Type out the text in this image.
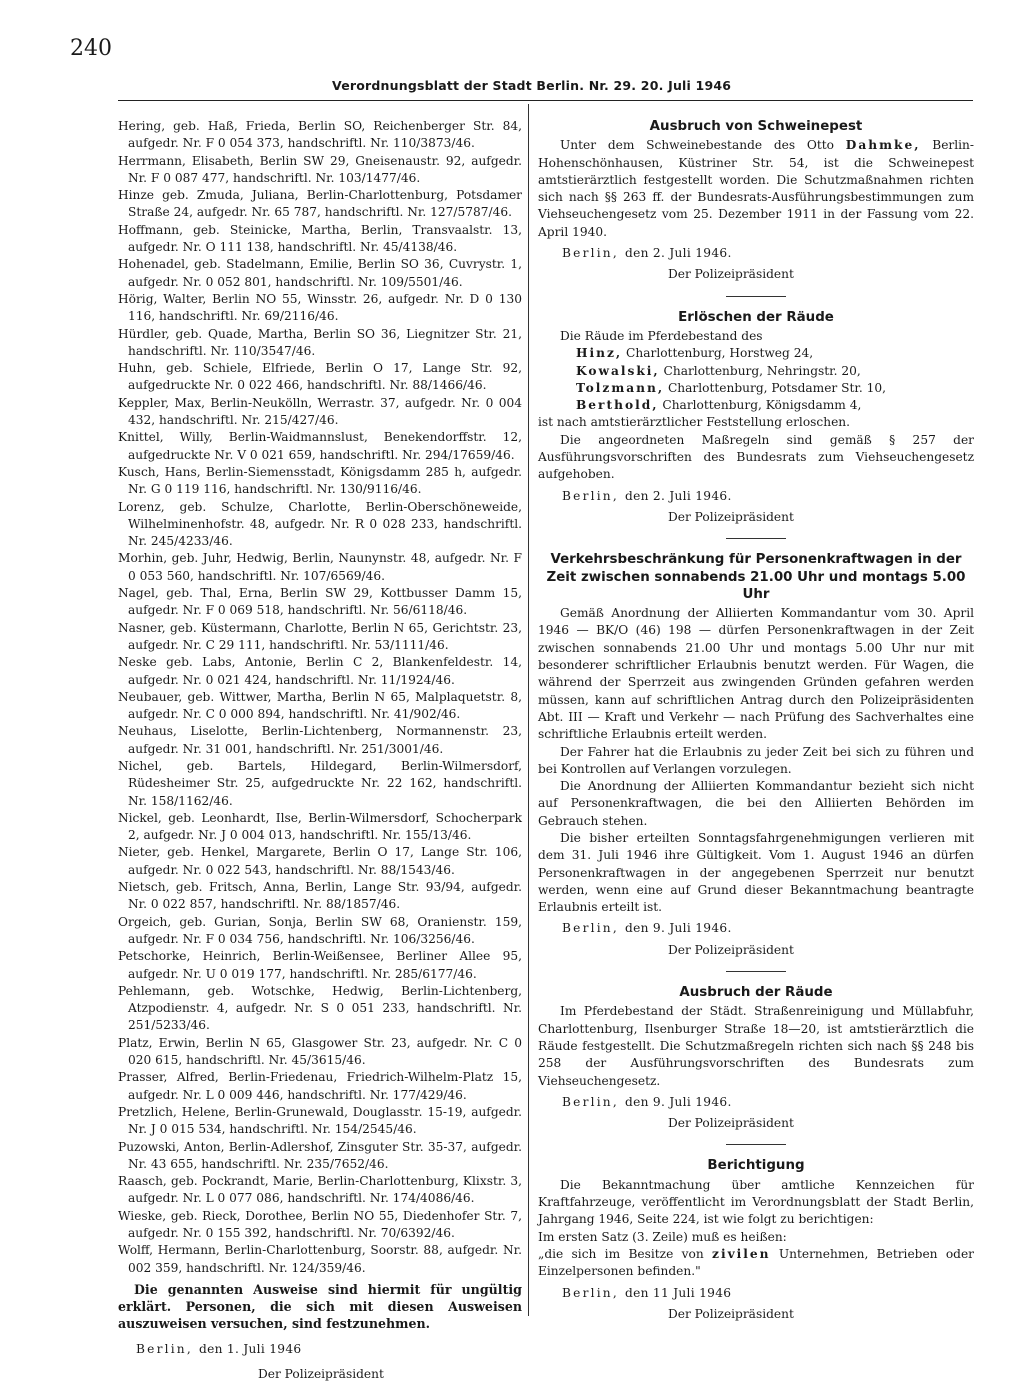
240
Verordnungsblatt der Stadt Berlin. Nr. 29. 20. Juli 1946

Hering, geb. Haß, Frieda, Berlin SO, Reichenberger Str. 84, aufgedr. Nr. F 0 054 373, handschriftl. Nr. 110/3873/46.

Herrmann, Elisabeth, Berlin SW 29, Gneisenaustr. 92, aufgedr. Nr. F 0 087 477, handschriftl. Nr. 103/1477/46.

Hinze geb. Zmuda, Juliana, Berlin-Charlottenburg, Potsdamer Straße 24, aufgedr. Nr. 65 787, handschriftl. Nr. 127/5787/46.

Hoffmann, geb. Steinicke, Martha, Berlin, Transvaalstr. 13, aufgedr. Nr. O 111 138, handschriftl. Nr. 45/4138/46.

Hohenadel, geb. Stadelmann, Emilie, Berlin SO 36, Cuvrystr. 1, aufgedr. Nr. 0 052 801, handschriftl. Nr. 109/5501/46.

Hörig, Walter, Berlin NO 55, Winsstr. 26, aufgedr. Nr. D 0 130 116, handschriftl. Nr. 69/2116/46.

Hürdler, geb. Quade, Martha, Berlin SO 36, Liegnitzer Str. 21, handschriftl. Nr. 110/3547/46.

Huhn, geb. Schiele, Elfriede, Berlin O 17, Lange Str. 92, aufgedruckte Nr. 0 022 466, handschriftl. Nr. 88/1466/46.

Keppler, Max, Berlin-Neukölln, Werrastr. 37, aufgedr. Nr. 0 004 432, handschriftl. Nr. 215/427/46.

Knittel, Willy, Berlin-Waidmannslust, Benekendorffstr. 12, aufgedruckte Nr. V 0 021 659, handschriftl. Nr. 294/17659/46.

Kusch, Hans, Berlin-Siemensstadt, Königsdamm 285 h, aufgedr. Nr. G 0 119 116, handschriftl. Nr. 130/9116/46.

Lorenz, geb. Schulze, Charlotte, Berlin-Oberschöneweide, Wilhelminenhofstr. 48, aufgedr. Nr. R 0 028 233, handschriftl. Nr. 245/4233/46.

Morhin, geb. Juhr, Hedwig, Berlin, Naunynstr. 48, aufgedr. Nr. F 0 053 560, handschriftl. Nr. 107/6569/46.

Nagel, geb. Thal, Erna, Berlin SW 29, Kottbusser Damm 15, aufgedr. Nr. F 0 069 518, handschriftl. Nr. 56/6118/46.

Nasner, geb. Küstermann, Charlotte, Berlin N 65, Gerichtstr. 23, aufgedr. Nr. C 29 111, handschriftl. Nr. 53/1111/46.

Neske geb. Labs, Antonie, Berlin C 2, Blankenfeldestr. 14, aufgedr. Nr. 0 021 424, handschriftl. Nr. 11/1924/46.

Neubauer, geb. Wittwer, Martha, Berlin N 65, Malplaquetstr. 8, aufgedr. Nr. C 0 000 894, handschriftl. Nr. 41/902/46.

Neuhaus, Liselotte, Berlin-Lichtenberg, Normannenstr. 23, aufgedr. Nr. 31 001, handschriftl. Nr. 251/3001/46.

Nichel, geb. Bartels, Hildegard, Berlin-Wilmersdorf, Rüdesheimer Str. 25, aufgedruckte Nr. 22 162, handschriftl. Nr. 158/1162/46.

Nickel, geb. Leonhardt, Ilse, Berlin-Wilmersdorf, Schocherpark 2, aufgedr. Nr. J 0 004 013, handschriftl. Nr. 155/13/46.

Nieter, geb. Henkel, Margarete, Berlin O 17, Lange Str. 106, aufgedr. Nr. 0 022 543, handschriftl. Nr. 88/1543/46.

Nietsch, geb. Fritsch, Anna, Berlin, Lange Str. 93/94, aufgedr. Nr. 0 022 857, handschriftl. Nr. 88/1857/46.

Orgeich, geb. Gurian, Sonja, Berlin SW 68, Oranienstr. 159, aufgedr. Nr. F 0 034 756, handschriftl. Nr. 106/3256/46.

Petschorke, Heinrich, Berlin-Weißensee, Berliner Allee 95, aufgedr. Nr. U 0 019 177, handschriftl. Nr. 285/6177/46.

Pehlemann, geb. Wotschke, Hedwig, Berlin-Lichtenberg, Atzpodienstr. 4, aufgedr. Nr. S 0 051 233, handschriftl. Nr. 251/5233/46.

Platz, Erwin, Berlin N 65, Glasgower Str. 23, aufgedr. Nr. C 0 020 615, handschriftl. Nr. 45/3615/46.

Prasser, Alfred, Berlin-Friedenau, Friedrich-Wilhelm-Platz 15, aufgedr. Nr. L 0 009 446, handschriftl. Nr. 177/429/46.

Pretzlich, Helene, Berlin-Grunewald, Douglasstr. 15-19, aufgedr. Nr. J 0 015 534, handschriftl. Nr. 154/2545/46.

Puzowski, Anton, Berlin-Adlershof, Zinsguter Str. 35-37, aufgedr. Nr. 43 655, handschriftl. Nr. 235/7652/46.

Raasch, geb. Pockrandt, Marie, Berlin-Charlottenburg, Klixstr. 3, aufgedr. Nr. L 0 077 086, handschriftl. Nr. 174/4086/46.

Wieske, geb. Rieck, Dorothee, Berlin NO 55, Diedenhofer Str. 7, aufgedr. Nr. 0 155 392, handschriftl. Nr. 70/6392/46.

Wolff, Hermann, Berlin-Charlottenburg, Soorstr. 88, aufgedr. Nr. 002 359, handschriftl. Nr. 124/359/46.

Die genannten Ausweise sind hiermit für ungültig erklärt. Personen, die sich mit diesen Ausweisen auszuweisen versuchen, sind festzunehmen.

Berlin, den 1. Juli 1946
Der Polizeipräsident
Ausbruch von Schweinepest

Unter dem Schweinebestande des Otto Dahmke, Berlin-Hohenschönhausen, Küstriner Str. 54, ist die Schweinepest amtstierärztlich festgestellt worden. Die Schutzmaßnahmen richten sich nach §§ 263 ff. der Bundesrats-Ausführungsbestimmungen zum Viehseuchengesetz vom 25. Dezember 1911 in der Fassung vom 22. April 1940.

Berlin, den 2. Juli 1946.
Der Polizeipräsident
Erlöschen der Räude

Die Räude im Pferdebestand des

Hinz, Charlottenburg, Horstweg 24,
Kowalski, Charlottenburg, Nehringstr. 20,
Tolzmann, Charlottenburg, Potsdamer Str. 10,
Berthold, Charlottenburg, Königsdamm 4,

ist nach amtstierärztlicher Feststellung erloschen.

Die angeordneten Maßregeln sind gemäß § 257 der Ausführungsvorschriften des Bundesrats zum Viehseuchengesetz aufgehoben.

Berlin, den 2. Juli 1946.
Der Polizeipräsident
Verkehrsbeschränkung für Personenkraftwagen in der Zeit zwischen sonnabends 21.00 Uhr und montags 5.00 Uhr

Gemäß Anordnung der Alliierten Kommandantur vom 30. April 1946 — BK/O (46) 198 — dürfen Personenkraftwagen in der Zeit zwischen sonnabends 21.00 Uhr und montags 5.00 Uhr nur mit besonderer schriftlicher Erlaubnis benutzt werden. Für Wagen, die während der Sperrzeit aus zwingenden Gründen gefahren werden müssen, kann auf schriftlichen Antrag durch den Polizeipräsidenten Abt. III — Kraft und Verkehr — nach Prüfung des Sachverhaltes eine schriftliche Erlaubnis erteilt werden.

Der Fahrer hat die Erlaubnis zu jeder Zeit bei sich zu führen und bei Kontrollen auf Verlangen vorzulegen.

Die Anordnung der Alliierten Kommandantur bezieht sich nicht auf Personenkraftwagen, die bei den Alliierten Behörden im Gebrauch stehen.

Die bisher erteilten Sonntagsfahrgenehmigungen verlieren mit dem 31. Juli 1946 ihre Gültigkeit. Vom 1. August 1946 an dürfen Personenkraftwagen in der angegebenen Sperrzeit nur benutzt werden, wenn eine auf Grund dieser Bekanntmachung beantragte Erlaubnis erteilt ist.

Berlin, den 9. Juli 1946.
Der Polizeipräsident
Ausbruch der Räude

Im Pferdebestand der Städt. Straßenreinigung und Müllabfuhr, Charlottenburg, Ilsenburger Straße 18—20, ist amtstierärztlich die Räude festgestellt. Die Schutzmaßregeln richten sich nach §§ 248 bis 258 der Ausführungsvorschriften des Bundesrats zum Viehseuchengesetz.

Berlin, den 9. Juli 1946.
Der Polizeipräsident
Berichtigung

Die Bekanntmachung über amtliche Kennzeichen für Kraftfahrzeuge, veröffentlicht im Verordnungsblatt der Stadt Berlin, Jahrgang 1946, Seite 224, ist wie folgt zu berichtigen:

Im ersten Satz (3. Zeile) muß es heißen:

„die sich im Besitze von zivilen Unternehmen, Betrieben oder Einzelpersonen befinden."

Berlin, den 11 Juli 1946
Der Polizeipräsident
